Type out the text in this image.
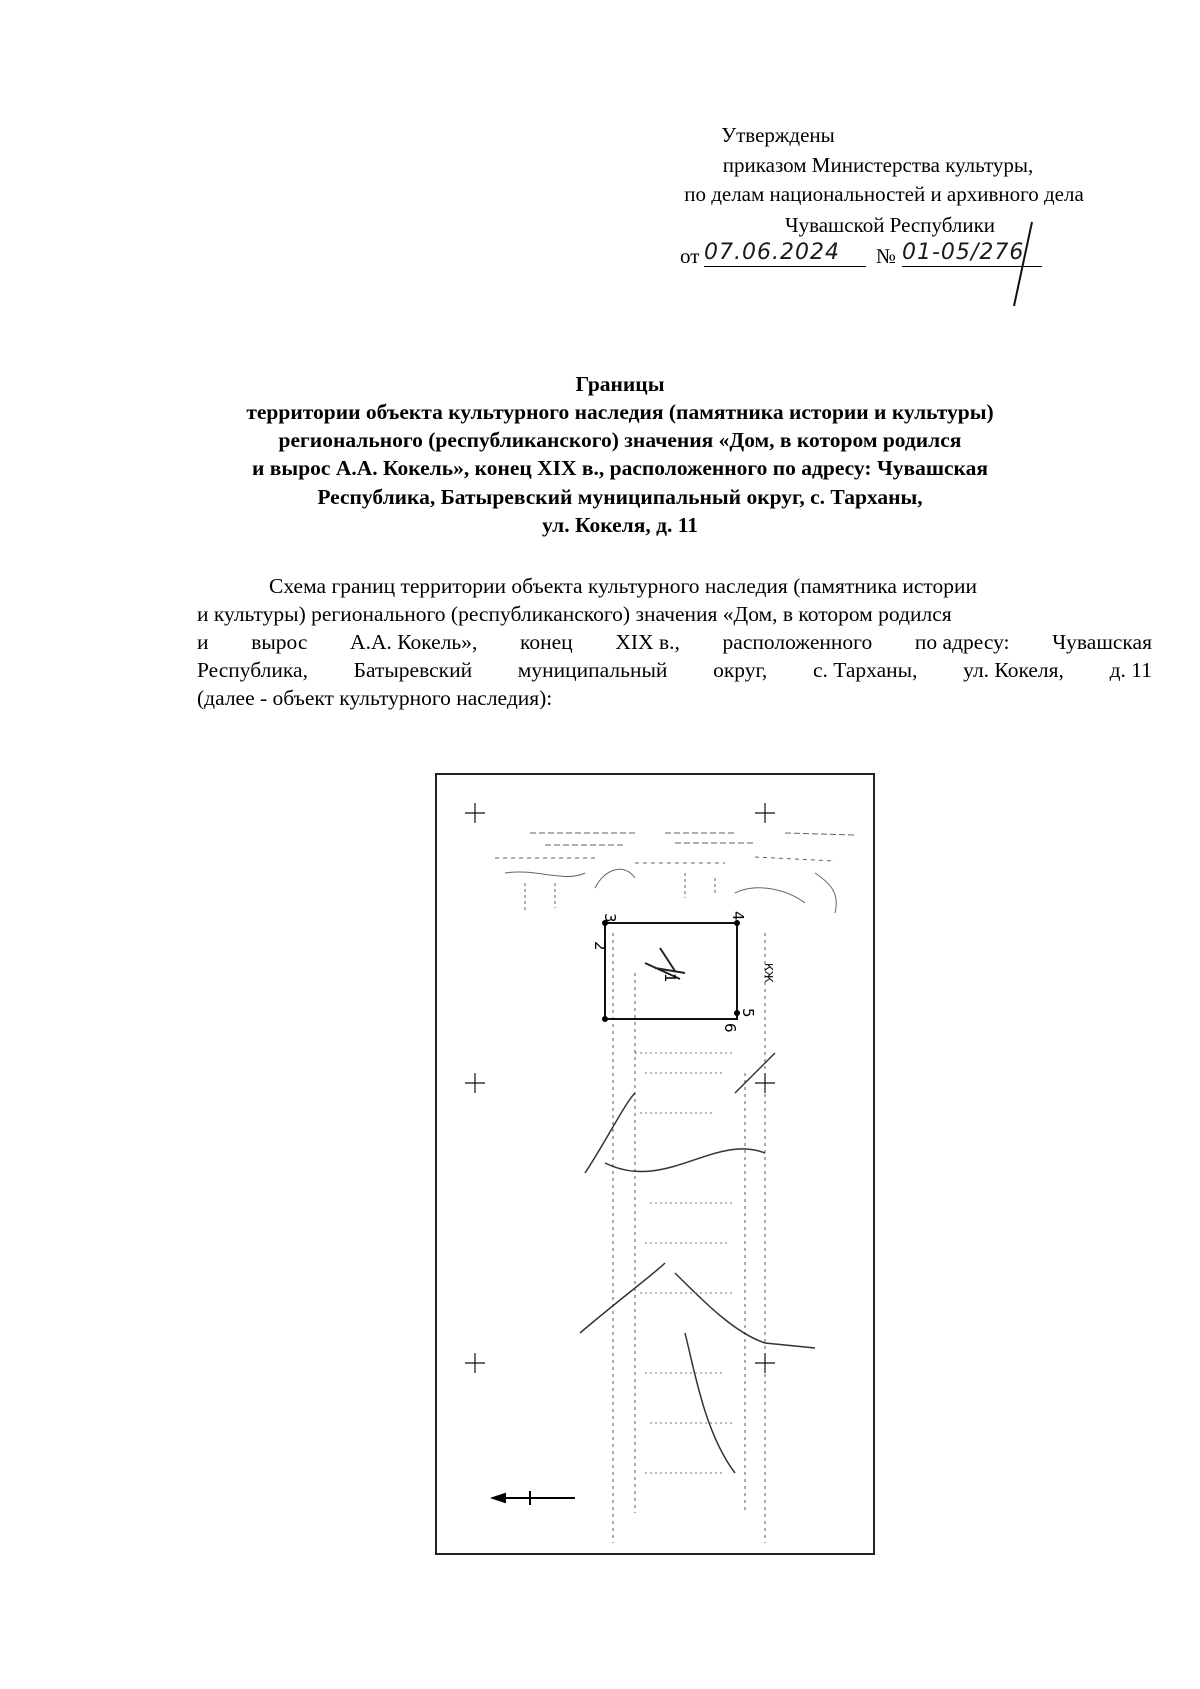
Утверждены
приказом Министерства культуры,
по делам национальностей и архивного дела
Чувашской Республики
от 07.06.2024 № 01-05/276
Границы
территории объекта культурного наследия (памятника истории и культуры)
регионального (республиканского) значения «Дом, в котором родился
и вырос А.А. Кокель», конец XIX в., расположенного по адресу: Чувашская
Республика, Батыревский муниципальный округ, с. Тарханы,
ул. Кокеля, д. 11
Схема границ территории объекта культурного наследия (памятника истории
и культуры) регионального (республиканского) значения «Дом, в котором родился
и вырос А.А. Кокель», конец XIX в., расположенного по адресу: Чувашская
Республика, Батыревский муниципальный округ, с. Тарханы, ул. Кокеля, д. 11
(далее - объект культурного наследия):
2
3	4
5
6
1	КЖ
